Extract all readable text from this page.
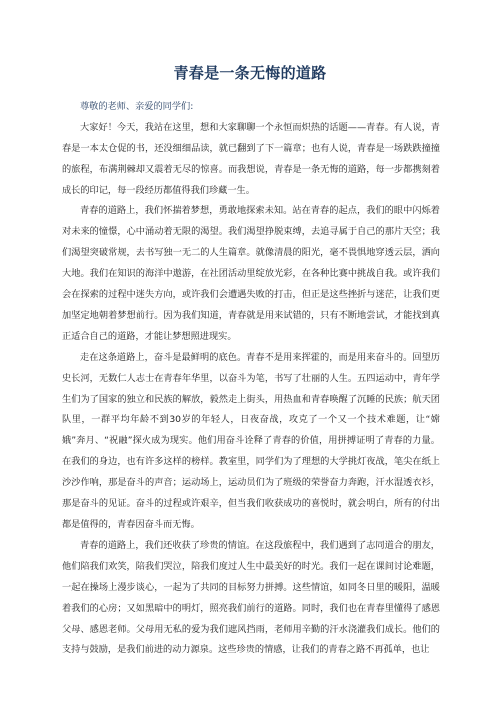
青春是一条无悔的道路

尊敬的老师、亲爱的同学们:

大家好！今天，我站在这里，想和大家聊聊一个永恒而炽热的话题——青春。有人说，青春是一本太仓促的书，还没细细品读，就已翻到了下一篇章；也有人说，青春是一场跌跌撞撞的旅程，布满荆棘却又震着无尽的惊喜。而我想说，青春是一条无悔的道路，每一步都携刻着成长的印记，每一段经历都值得我们珍藏一生。

青春的道路上，我们怀揣着梦想，勇敢地探索未知。站在青春的起点，我们的眼中闪烁着对未来的憧憬，心中涌动着无限的渴望。我们渴望挣脱束缚，去追寻属于自己的那片天空；我们渴望突破常规，去书写独一无二的人生篇章。就像清晨的阳光，毫不畏惧地穿透云层，洒向大地。我们在知识的海洋中遨游，在社团活动里绽放光彩，在各种比赛中挑战自我。或许我们会在探索的过程中迷失方向，或许我们会遭遇失败的打击，但正是这些挫折与迷茫，让我们更加坚定地朝着梦想前行。因为我们知道，青春就是用来试错的，只有不断地尝试，才能找到真正适合自己的道路，才能让梦想照进现实。

走在这条道路上，奋斗是最鲜明的底色。青春不是用来挥霍的，而是用来奋斗的。回望历史长河，无数仁人志士在青春年华里，以奋斗为笔，书写了壮丽的人生。五四运动中，青年学生们为了国家的独立和民族的解放，毅然走上街头，用热血和青春唤醒了沉睡的民族；航天团队里，一群平均年龄不到30岁的年轻人，日夜奋战，攻克了一个又一个技术难题，让“嫦娥”奔月、“祝融”探火成为现实。他们用奋斗诠释了青春的价值，用拼搏证明了青春的力量。在我们的身边，也有许多这样的榜样。教室里，同学们为了理想的大学挑灯夜战，笔尖在纸上沙沙作响，那是奋斗的声音；运动场上，运动员们为了班级的荣誉奋力奔跑，汗水湿透衣衫，那是奋斗的见证。奋斗的过程或许艰辛，但当我们收获成功的喜悦时，就会明白，所有的付出都是值得的，青春因奋斗而无悔。

青春的道路上，我们还收获了珍贵的情谊。在这段旅程中，我们遇到了志同道合的朋友，他们陪我们欢笑，陪我们哭泣，陪我们度过人生中最美好的时光。我们一起在课间讨论难题，一起在操场上漫步谈心，一起为了共同的目标努力拼搏。这些情谊，如同冬日里的暖阳，温暖着我们的心房；又如黑暗中的明灯，照亮我们前行的道路。同时，我们也在青春里懂得了感恩父母、感恩老师。父母用无私的爱为我们遮风挡雨，老师用辛勤的汗水浇灌我们成长。他们的支持与鼓励，是我们前进的动力源泉。这些珍贵的情感，让我们的青春之路不再孤单，也让
